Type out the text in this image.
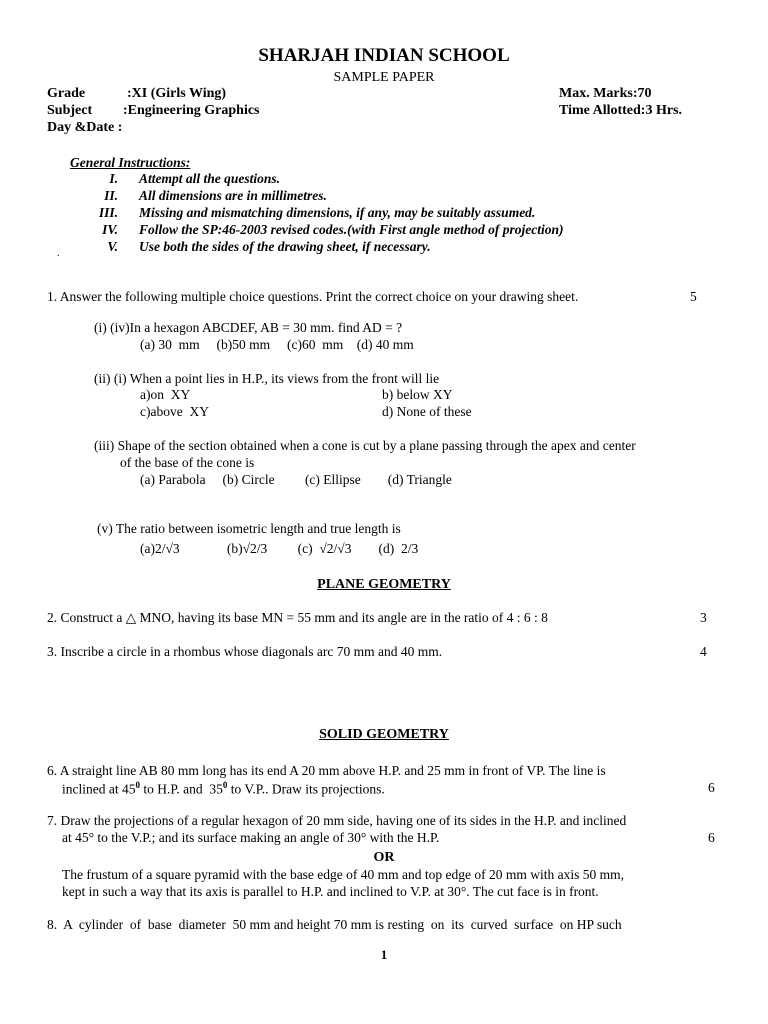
SHARJAH INDIAN SCHOOL
SAMPLE PAPER
Grade	:XI (Girls Wing)	Max. Marks:70
Subject :Engineering Graphics	Time Allotted:3 Hrs.
Day &Date :
General Instructions:
I. Attempt all the questions.
II. All dimensions are in millimetres.
III. Missing and mismatching dimensions, if any, may be suitably assumed.
IV. Follow the SP:46-2003 revised codes.(with First angle method of projection)
V. Use both the sides of the drawing sheet, if necessary.
.
1. Answer the following multiple choice questions. Print the correct choice on your drawing sheet.	5
(i) (iv)In a hexagon ABCDEF, AB = 30 mm. find AD = ?
(a) 30  mm     (b)50 mm     (c)60  mm    (d) 40 mm
(ii) (i) When a point lies in H.P., its views from the front will lie
a)on  XY	b) below XY
c)above  XY	d) None of these
(iii) Shape of the section obtained when a cone is cut by a plane passing through the apex and center
of the base of the cone is
(a) Parabola     (b) Circle         (c) Ellipse        (d) Triangle
(v) The ratio between isometric length and true length is
(a)2/√3              (b)√2/3         (c)  √2/√3        (d)  2/3
PLANE GEOMETRY
2. Construct a △ MNO, having its base MN = 55 mm and its angle are in the ratio of 4 : 6 : 8	3
3. Inscribe a circle in a rhombus whose diagonals arc 70 mm and 40 mm.	4
SOLID GEOMETRY
6. A straight line AB 80 mm long has its end A 20 mm above H.P. and 25 mm in front of VP. The line is
inclined at $45^0$ to H.P. and  $35^0$ to V.P.. Draw its projections.	6
7. Draw the projections of a regular hexagon of 20 mm side, having one of its sides in the H.P. and inclined
at 45° to the V.P.; and its surface making an angle of 30° with the H.P.	6
OR
The frustum of a square pyramid with the base edge of 40 mm and top edge of 20 mm with axis 50 mm,
kept in such a way that its axis is parallel to H.P. and inclined to V.P. at 30°. The cut face is in front.
8.  A  cylinder  of  base  diameter  50 mm and height 70 mm is resting  on  its  curved  surface  on HP such
1
